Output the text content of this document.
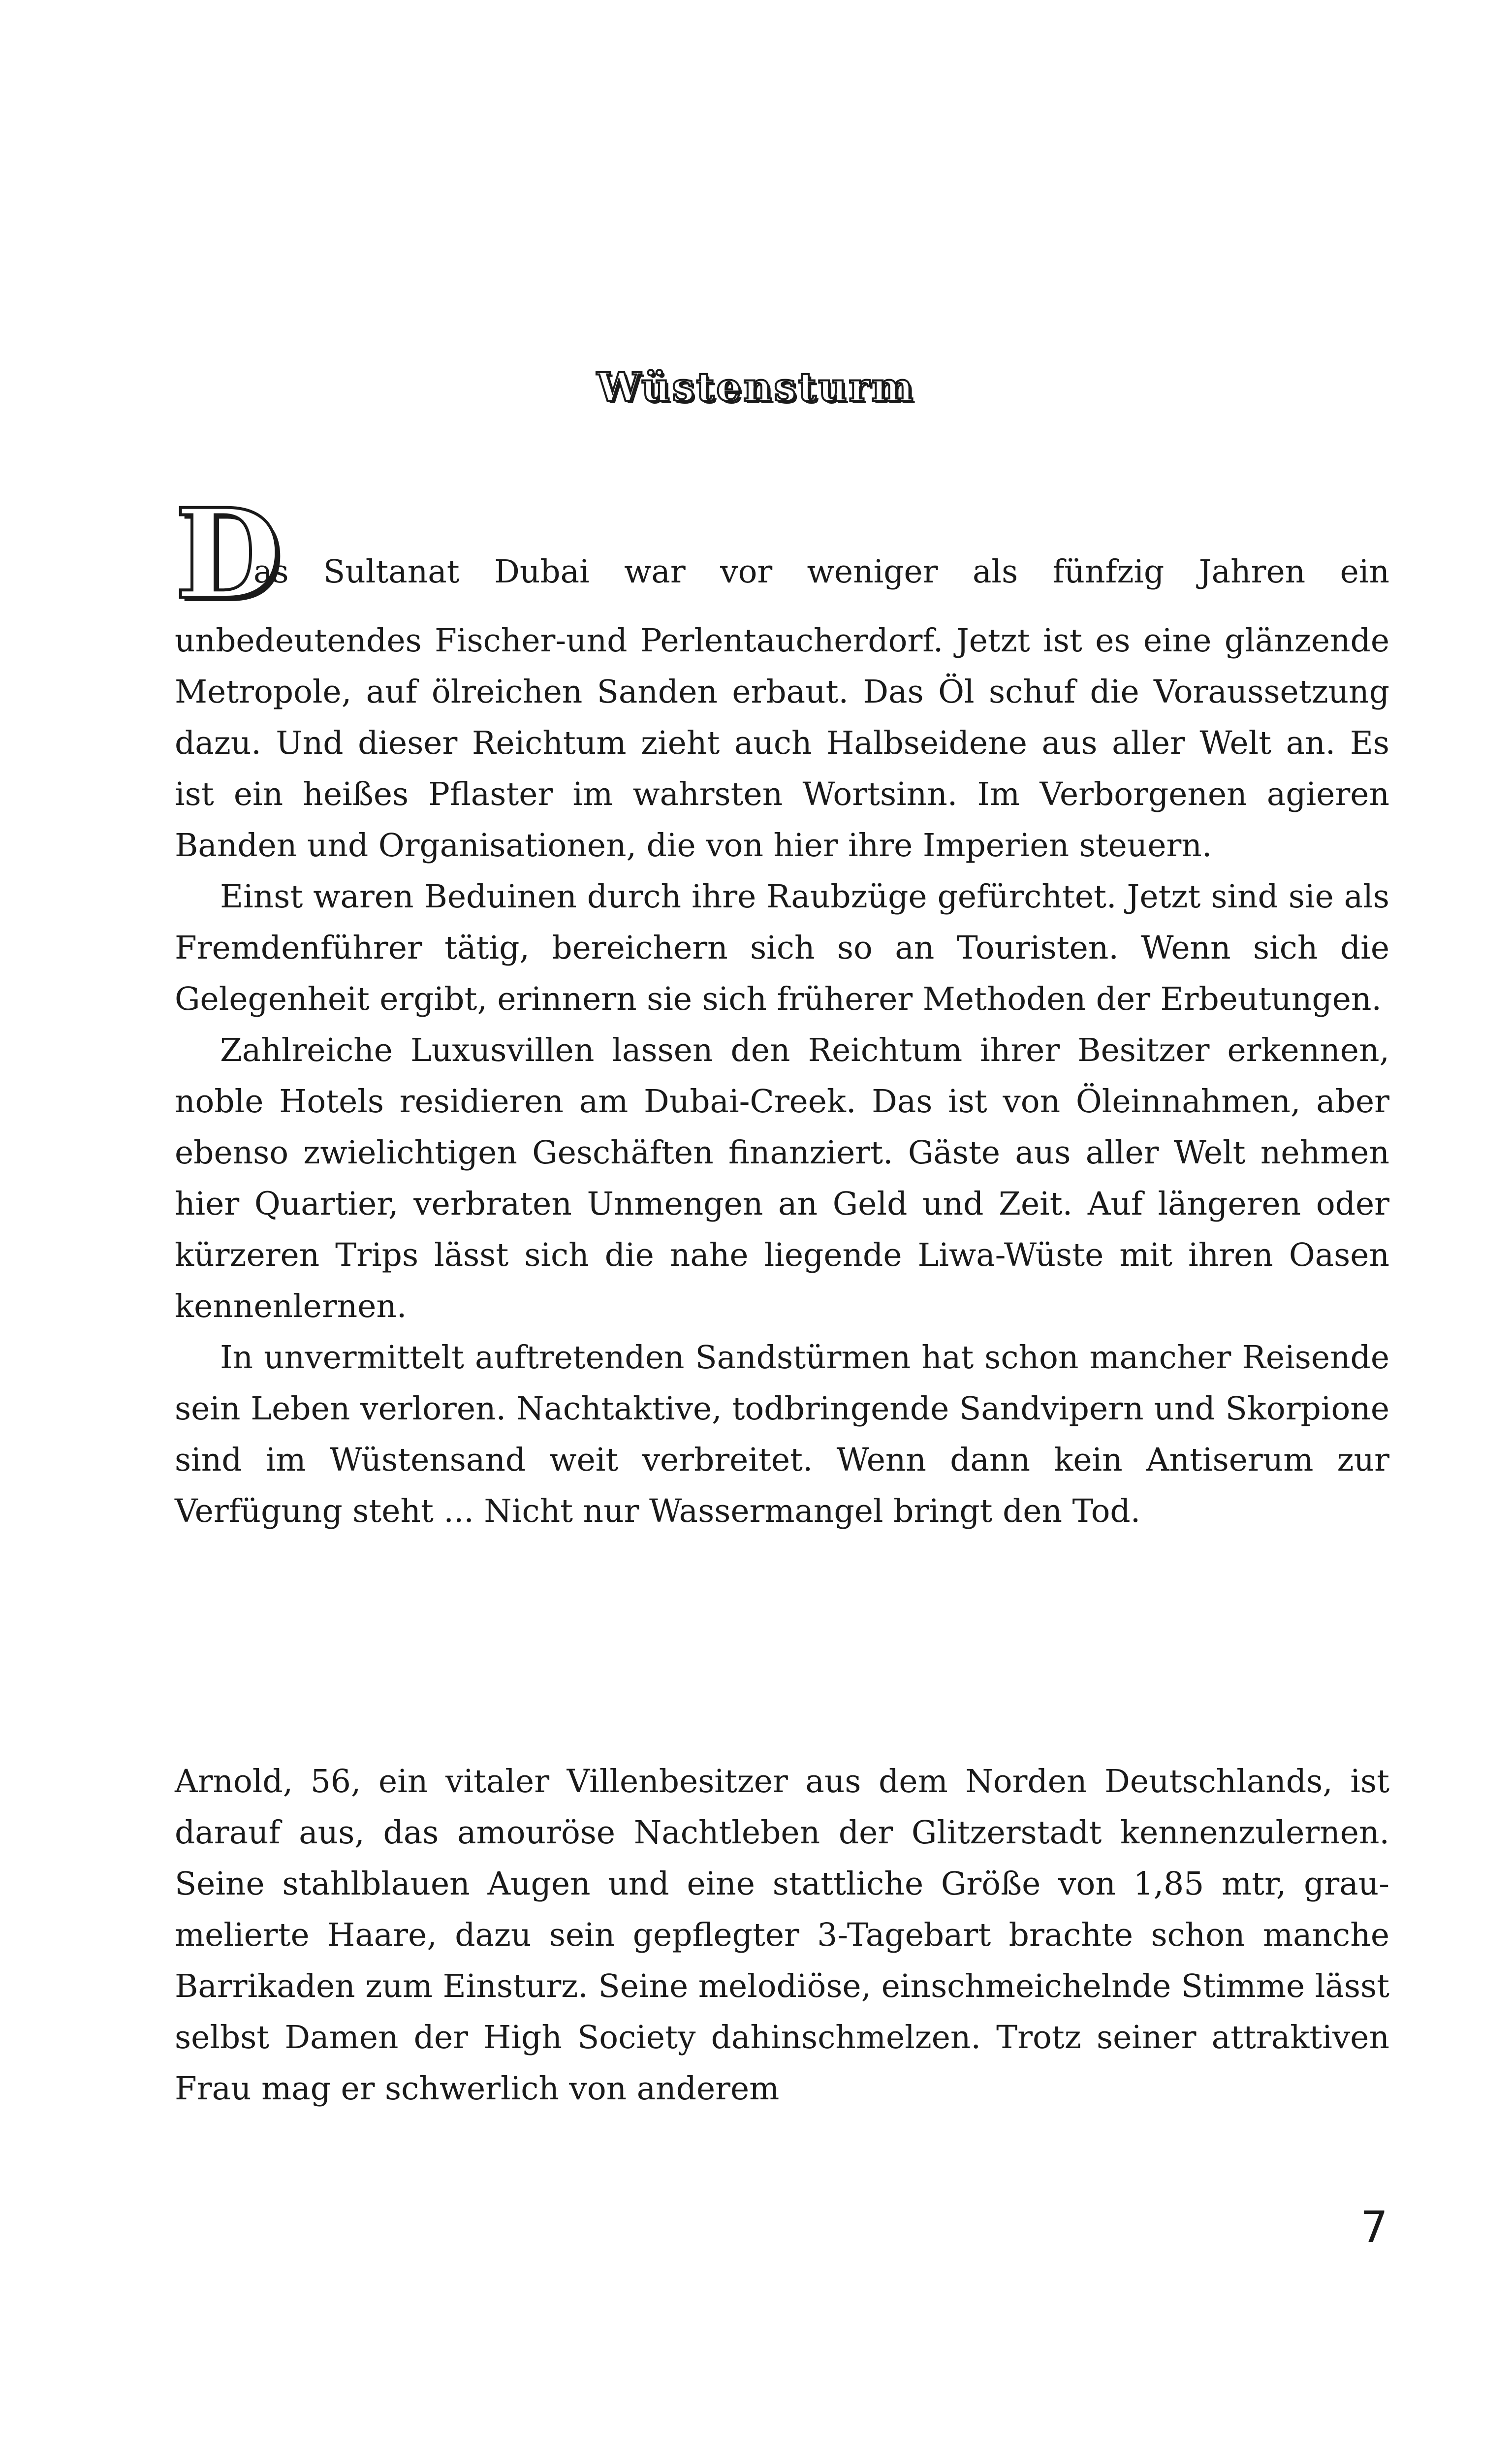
Wüstensturm
D
as Sultanat Dubai war vor weniger als fünfzig Jahren ein

unbedeutendes Fischer-und Perlentaucherdorf. Jetzt ist es eine glänzende Metropole, auf ölreichen Sanden erbaut. Das Öl schuf die Voraussetzung dazu. Und dieser Reichtum zieht auch Halbseidene aus aller Welt an. Es ist ein heißes Pflaster im wahrsten Wortsinn. Im Verborgenen agieren Banden und Organisationen, die von hier ihre Imperien steuern.

Einst waren Beduinen durch ihre Raubzüge gefürchtet. Jetzt sind sie als Fremdenführer tätig, bereichern sich so an Touristen. Wenn sich die Gelegenheit ergibt, erinnern sie sich früherer Methoden der Erbeutungen.

Zahlreiche Luxusvillen lassen den Reichtum ihrer Besitzer erkennen, noble Hotels residieren am Dubai-Creek. Das ist von Öleinnahmen, aber ebenso zwielichtigen Geschäften finanziert. Gäste aus aller Welt nehmen hier Quartier, verbraten Unmengen an Geld und Zeit. Auf längeren oder kürzeren Trips lässt sich die nahe liegende Liwa-Wüste mit ihren Oasen kennenlernen.

In unvermittelt auftretenden Sandstürmen hat schon mancher Reisende sein Leben verloren. Nachtaktive, todbringende Sandvipern und Skorpione sind im Wüstensand weit verbreitet. Wenn dann kein Antiserum zur Verfügung steht ... Nicht nur Wassermangel bringt den Tod.

Arnold, 56, ein vitaler Villenbesitzer aus dem Norden Deutschlands, ist darauf aus, das amouröse Nachtleben der Glitzerstadt kennenzulernen. Seine stahlblauen Augen und eine stattliche Größe von 1,85 mtr, grau-melierte Haare, dazu sein gepflegter 3-Tagebart brachte schon manche Barrikaden zum Einsturz. Seine melodiöse, einschmeichelnde Stimme lässt selbst Damen der High Society dahinschmelzen. Trotz seiner attraktiven Frau mag er schwerlich von anderem

7
